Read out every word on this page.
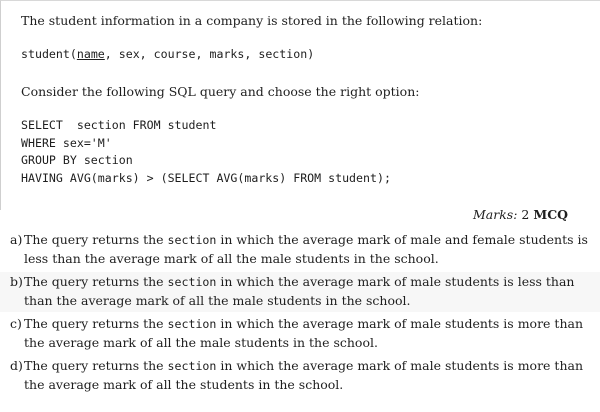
The student information in a company is stored in the following relation:
student(name, sex, course, marks, section)
Consider the following SQL query and choose the right option:
SELECT  section FROM student
WHERE sex='M'
GROUP BY section
HAVING AVG(marks) > (SELECT AVG(marks) FROM student);
Marks: 2 MCQ
a) The query returns the section in which the average mark of male and female students is
less than the average mark of all the male students in the school.
b) The query returns the section in which the average mark of male students is less than
than the average mark of all the male students in the school.
c) The query returns the section in which the average mark of male students is more than
the average mark of all the male students in the school.
d) The query returns the section in which the average mark of male students is more than
the average mark of all the students in the school.
